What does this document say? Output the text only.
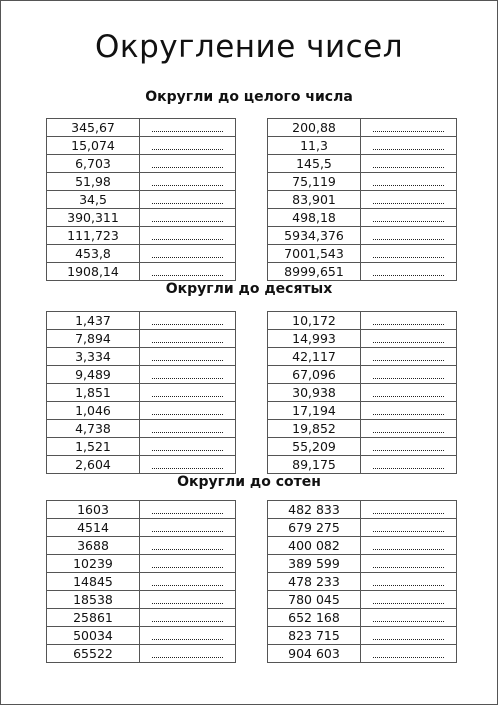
Округление чисел
Округли до целого числа
345,67	

15,074	

6,703	

51,98	

34,5	

390,311	

111,723	

453,8	

1908,14	
200,88	

11,3	

145,5	

75,119	

83,901	

498,18	

5934,376	

7001,543	

8999,651	
Округли до десятых
1,437	

7,894	

3,334	

9,489	

1,851	

1,046	

4,738	

1,521	

2,604	
10,172	

14,993	

42,117	

67,096	

30,938	

17,194	

19,852	

55,209	

89,175	
Округли до сотен
1603	

4514	

3688	

10239	

14845	

18538	

25861	

50034	

65522	
482 833	

679 275	

400 082	

389 599	

478 233	

780 045	

652 168	

823 715	

904 603	
